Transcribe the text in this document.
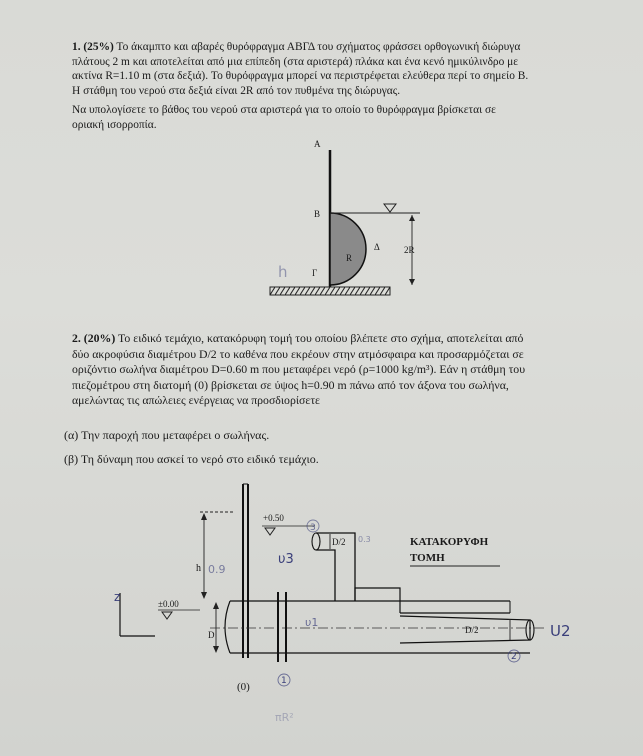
1. (25%) Το άκαμπτο και αβαρές θυρόφραγμα ΑΒΓΔ του σχήματος φράσσει ορθογωνική διώρυγα
πλάτους 2 m και αποτελείται από μια επίπεδη (στα αριστερά) πλάκα και ένα κενό ημικύλινδρο με
ακτίνα R=1.10 m (στα δεξιά). Το θυρόφραγμα μπορεί να περιστρέφεται ελεύθερα περί το σημείο Β.
Η στάθμη του νερού στα δεξιά είναι 2R από τον πυθμένα της διώρυγας.
Να υπολογίσετε το βάθος του νερού στα αριστερά για το οποίο το θυρόφραγμα βρίσκεται σε
οριακή ισορροπία.
A
B
Γ
Δ
R
2R
h
2. (20%) Το ειδικό τεμάχιο, κατακόρυφη τομή του οποίου βλέπετε στο σχήμα, αποτελείται από
δύο ακροφύσια διαμέτρου D/2 το καθένα που εκρέουν στην ατμόσφαιρα και προσαρμόζεται σε
οριζόντιο σωλήνα διαμέτρου D=0.60 m που μεταφέρει νερό (ρ=1000 kg/m³). Εάν η στάθμη του
πιεζομέτρου στη διατομή (0) βρίσκεται σε ύψος h=0.90 m πάνω από τον άξονα του σωλήνα,
αμελώντας τις απώλειες ενέργειας να προσδιορίσετε
(α) Την παροχή που μεταφέρει ο σωλήνας.
(β) Τη δύναμη που ασκεί το νερό στο ειδικό τεμάχιο.
h 0.9
D/2
D/2 0.3
+0.50
±0.00
D
z
ΚΑΤΑΚΟΡΥΦΗ
ΤΟΜΗ
υ3
υ1	U2
3
2
1
(0)
πR²
